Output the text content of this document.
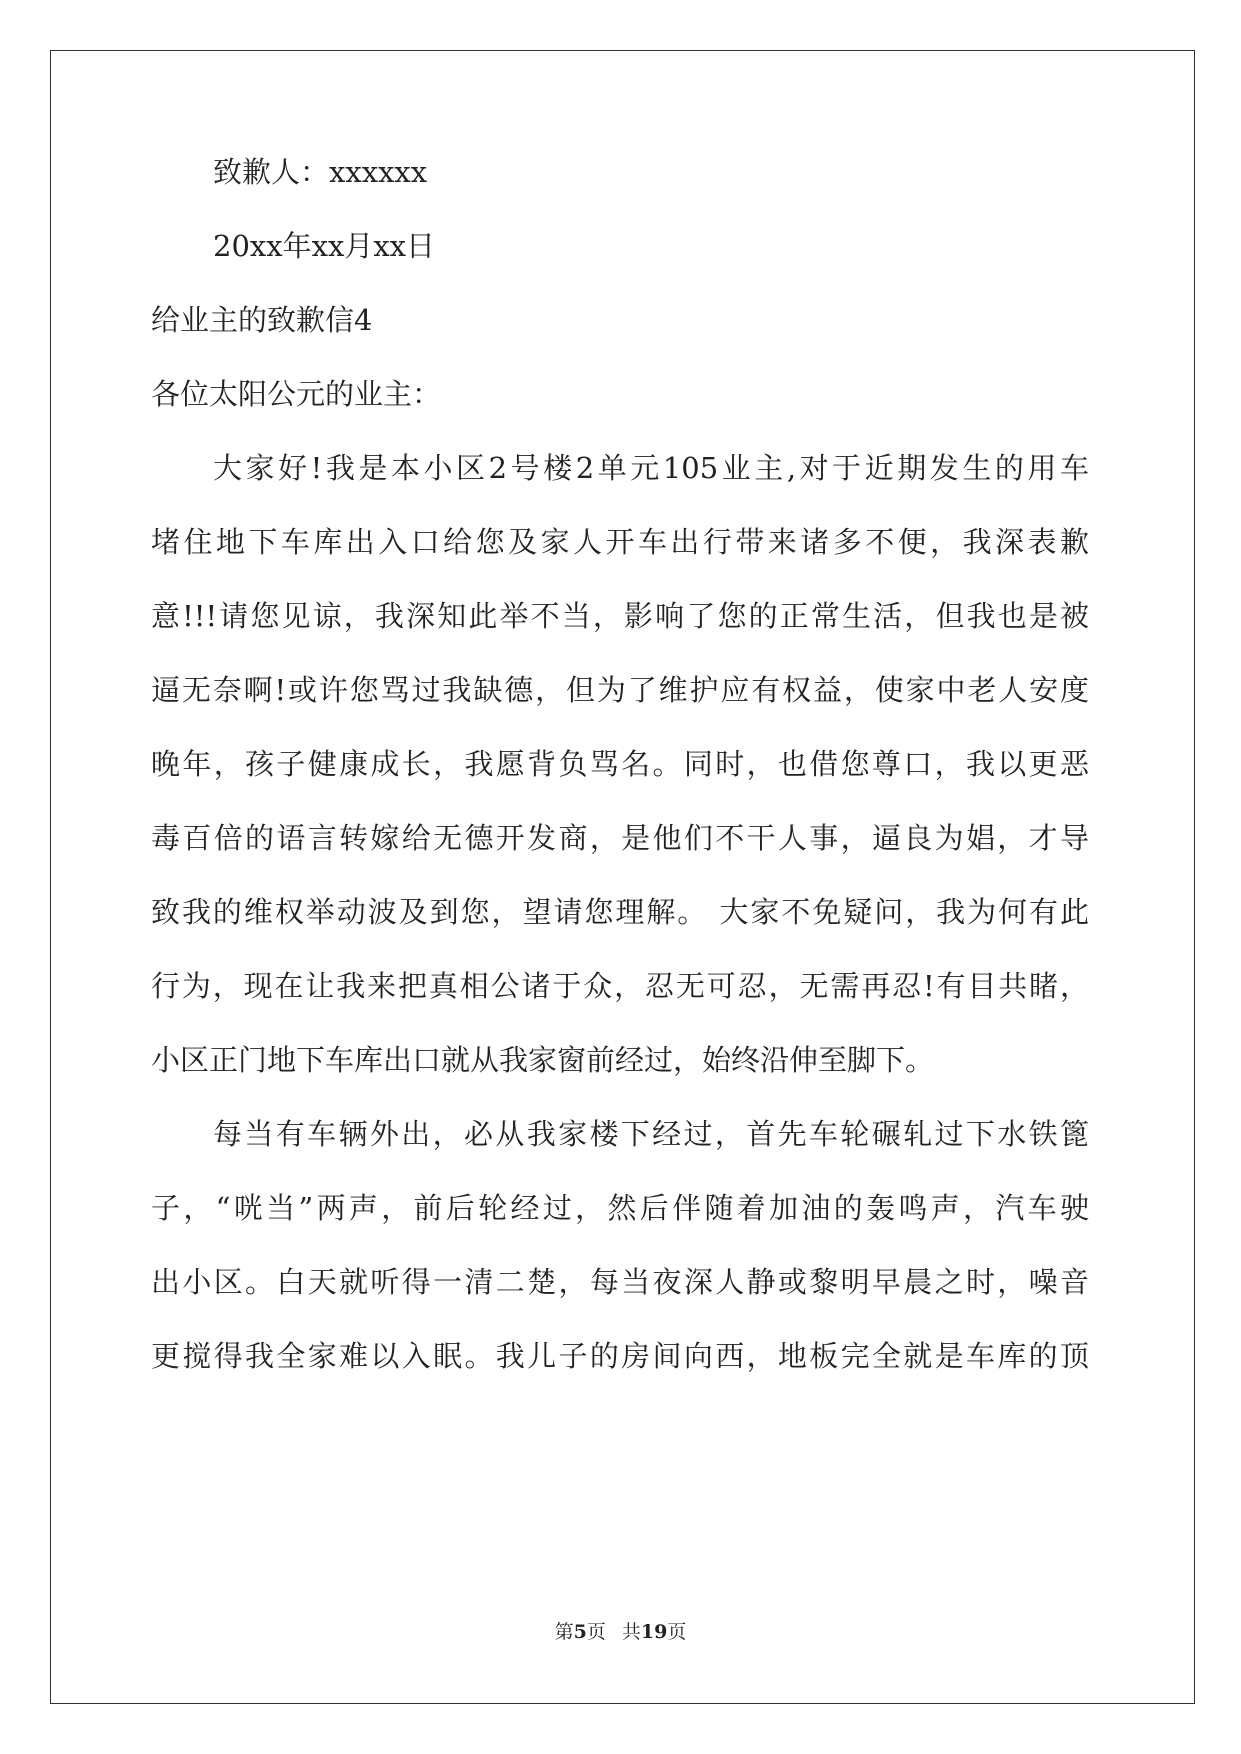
致歉人：xxxxxx
20xx年xx月xx日
给业主的致歉信4
各位太阳公元的业主：
大家好!我是本小区2号楼2单元105业主,对于近期发生的用车
堵住地下车库出入口给您及家人开车出行带来诸多不便，我深表歉
意!!!请您见谅，我深知此举不当，影响了您的正常生活，但我也是被
逼无奈啊!或许您骂过我缺德，但为了维护应有权益，使家中老人安度
晚年，孩子健康成长，我愿背负骂名。同时，也借您尊口，我以更恶
毒百倍的语言转嫁给无德开发商，是他们不干人事，逼良为娼，才导
致我的维权举动波及到您，望请您理解。 大家不免疑问，我为何有此
行为，现在让我来把真相公诸于众，忍无可忍，无需再忍!有目共睹，
小区正门地下车库出口就从我家窗前经过，始终沿伸至脚下。
每当有车辆外出，必从我家楼下经过，首先车轮碾轧过下水铁篦
子，“咣当”两声，前后轮经过，然后伴随着加油的轰鸣声，汽车驶
出小区。白天就听得一清二楚，每当夜深人静或黎明早晨之时，噪音
更搅得我全家难以入眠。我儿子的房间向西，地板完全就是车库的顶
第5页 共19页
